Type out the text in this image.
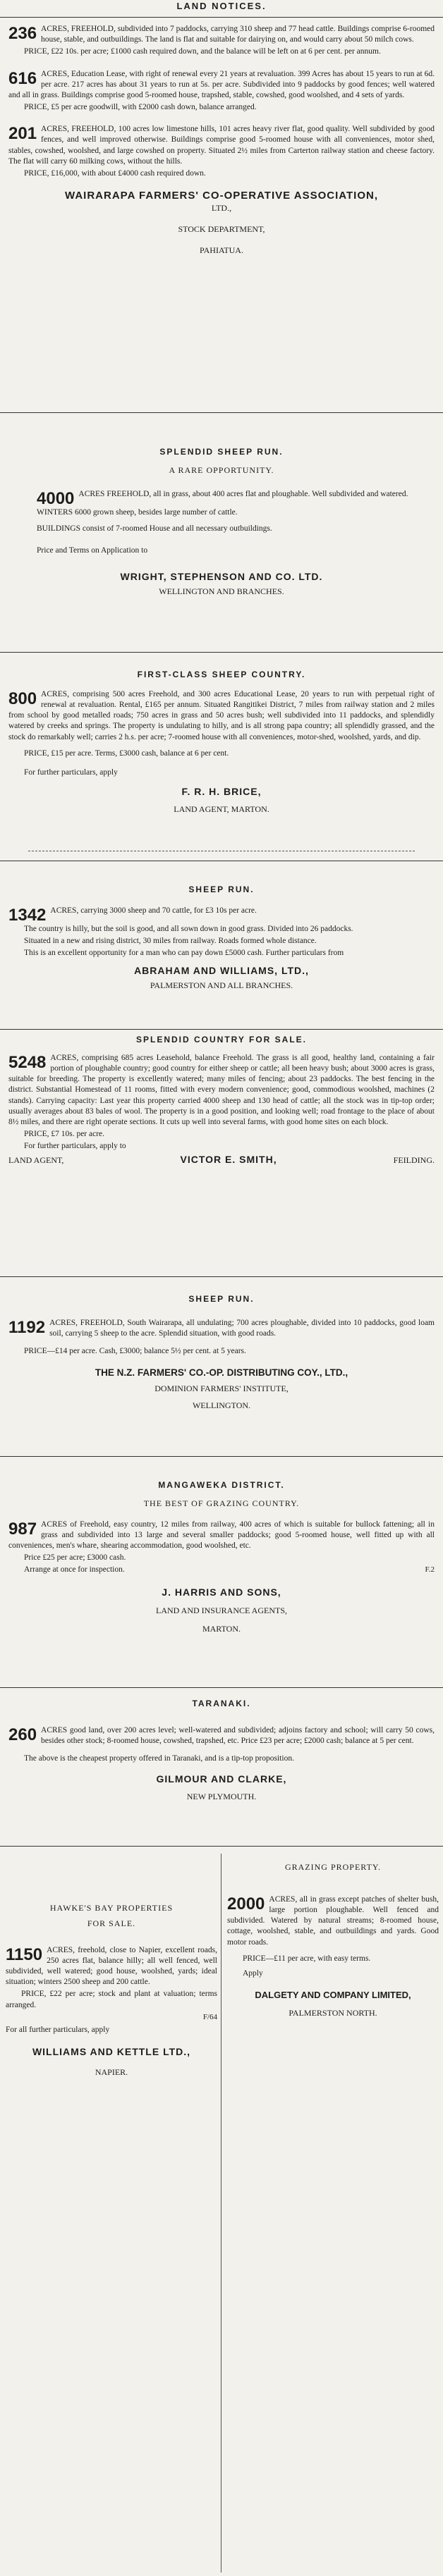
LAND NOTICES.
236 ACRES, FREEHOLD, subdivided into 7 paddocks, carrying 310 sheep and 77 head cattle. Buildings comprise 6-roomed house, stable, and outbuildings. The land is flat and suitable for dairying on, and would carry about 50 milch cows.
PRICE, £22 10s. per acre; £1000 cash required down, and the balance will be left on at 6 per cent. per annum.
616 ACRES, Education Lease, with right of renewal every 21 years at revaluation. 399 Acres has about 15 years to run at 6d. per acre. 217 acres has about 31 years to run at 5s. per acre. Subdivided into 9 paddocks by good fences; well watered and all in grass. Buildings comprise good 5-roomed house, trapshed, stable, cowshed, good woolshed, and 4 sets of yards.
PRICE, £5 per acre goodwill, with £2000 cash down, balance arranged.
201 ACRES, FREEHOLD, 100 acres low limestone hills, 101 acres heavy river flat, good quality. Well subdivided by good fences, and well improved otherwise. Buildings comprise good 5-roomed house with all conveniences, motor shed, stables, cowshed, woolshed, and large cowshed on property. Situated 2½ miles from Carterton railway station and cheese factory. The flat will carry 60 milking cows, without the hills.
PRICE, £16,000, with about £4000 cash required down.
WAIRARAPA FARMERS' CO-OPERATIVE ASSOCIATION,
LTD.,
STOCK DEPARTMENT,
PAHIATUA.
SPLENDID SHEEP RUN.
A RARE OPPORTUNITY.
4000 ACRES FREEHOLD, all in grass, about 400 acres flat and ploughable. Well subdivided and watered.
WINTERS 6000 grown sheep, besides large number of cattle.
BUILDINGS consist of 7-roomed House and all necessary outbuildings.
Price and Terms on Application to
WRIGHT, STEPHENSON AND CO. LTD.
WELLINGTON AND BRANCHES.
FIRST-CLASS SHEEP COUNTRY.
800 ACRES, comprising 500 acres Freehold, and 300 acres Educational Lease, 20 years to run with perpetual right of renewal at revaluation. Rental, £165 per annum. Situated Rangitikei District, 7 miles from railway station and 2 miles from school by good metalled roads; 750 acres in grass and 50 acres bush; well subdivided into 11 paddocks, and splendidly watered by creeks and springs. The property is undulating to hilly, and is all strong papa country; all splendidly grassed, and the stock do remarkably well; carries 2 h.s. per acre; 7-roomed house with all conveniences, motor-shed, woolshed, yards, and dip.
PRICE, £15 per acre. Terms, £3000 cash, balance at 6 per cent.
For further particulars, apply
F. R. H. BRICE,
LAND AGENT, MARTON.
SHEEP RUN.
1342 ACRES, carrying 3000 sheep and 70 cattle, for £3 10s per acre.
The country is hilly, but the soil is good, and all sown down in good grass. Divided into 26 paddocks.
Situated in a new and rising district, 30 miles from railway. Roads formed whole distance.
This is an excellent opportunity for a man who can pay down £5000 cash. Further particulars from
ABRAHAM AND WILLIAMS, LTD.,
PALMERSTON AND ALL BRANCHES.
SPLENDID COUNTRY FOR SALE.
5248 ACRES, comprising 685 acres Leasehold, balance Freehold. The grass is all good, healthy land, containing a fair portion of ploughable country; good country for either sheep or cattle; all been heavy bush; about 3000 acres is grass, suitable for breeding. The property is excellently watered; many miles of fencing; about 23 paddocks. The best fencing in the district. Substantial Homestead of 11 rooms, fitted with every modern convenience; good, commodious woolshed, machines (2 stands). Carrying capacity: Last year this property carried 4000 sheep and 130 head of cattle; all the stock was in tip-top order; usually averages about 83 bales of wool. The property is in a good position, and looking well; road frontage to the place of about 8½ miles, and there are right operate sections. It cuts up well into several farms, with good home sites on each block.
PRICE, £7 10s. per acre.
For further particulars, apply to
LAND AGENT,	VICTOR E. SMITH,	FEILDING.
SHEEP RUN.
1192 ACRES, FREEHOLD, South Wairarapa, all undulating; 700 acres ploughable, divided into 10 paddocks, good loam soil, carrying 5 sheep to the acre. Splendid situation, with good roads.
PRICE—£14 per acre. Cash, £3000; balance 5½ per cent. at 5 years.
THE N.Z. FARMERS' CO.-OP. DISTRIBUTING COY., LTD.,
DOMINION FARMERS' INSTITUTE,
WELLINGTON.
MANGAWEKA DISTRICT.
THE BEST OF GRAZING COUNTRY.
987 ACRES of Freehold, easy country, 12 miles from railway, 400 acres of which is suitable for bullock fattening; all in grass and subdivided into 13 large and several smaller paddocks; good 5-roomed house, well fitted up with all conveniences, men's whare, shearing accommodation, good woolshed, etc.
Price £25 per acre; £3000 cash.
Arrange at once for inspection.	F.2
J. HARRIS AND SONS,
LAND AND INSURANCE AGENTS,
MARTON.
TARANAKI.
260 ACRES good land, over 200 acres level; well-watered and subdivided; adjoins factory and school; will carry 50 cows, besides other stock; 8-roomed house, cowshed, trapshed, etc. Price £23 per acre; £2000 cash; balance at 5 per cent.
The above is the cheapest property offered in Taranaki, and is a tip-top proposition.
GILMOUR AND CLARKE,
NEW PLYMOUTH.
HAWKE'S BAY PROPERTIES
FOR SALE.
1150 ACRES, freehold, close to Napier, excellent roads, 250 acres flat, balance hilly; all well fenced, well subdivided, well watered; good house, woolshed, yards; ideal situation; winters 2500 sheep and 200 cattle.
PRICE, £22 per acre; stock and plant at valuation; terms arranged.
F/64
For all further particulars, apply
WILLIAMS AND KETTLE LTD.,
NAPIER.
GRAZING PROPERTY.
2000 ACRES, all in grass except patches of shelter bush, large portion ploughable. Well fenced and subdivided. Watered by natural streams; 8-roomed house, cottage, woolshed, stable, and outbuildings and yards. Good motor roads.
PRICE—£11 per acre, with easy terms.
Apply
DALGETY AND COMPANY LIMITED,
PALMERSTON NORTH.
